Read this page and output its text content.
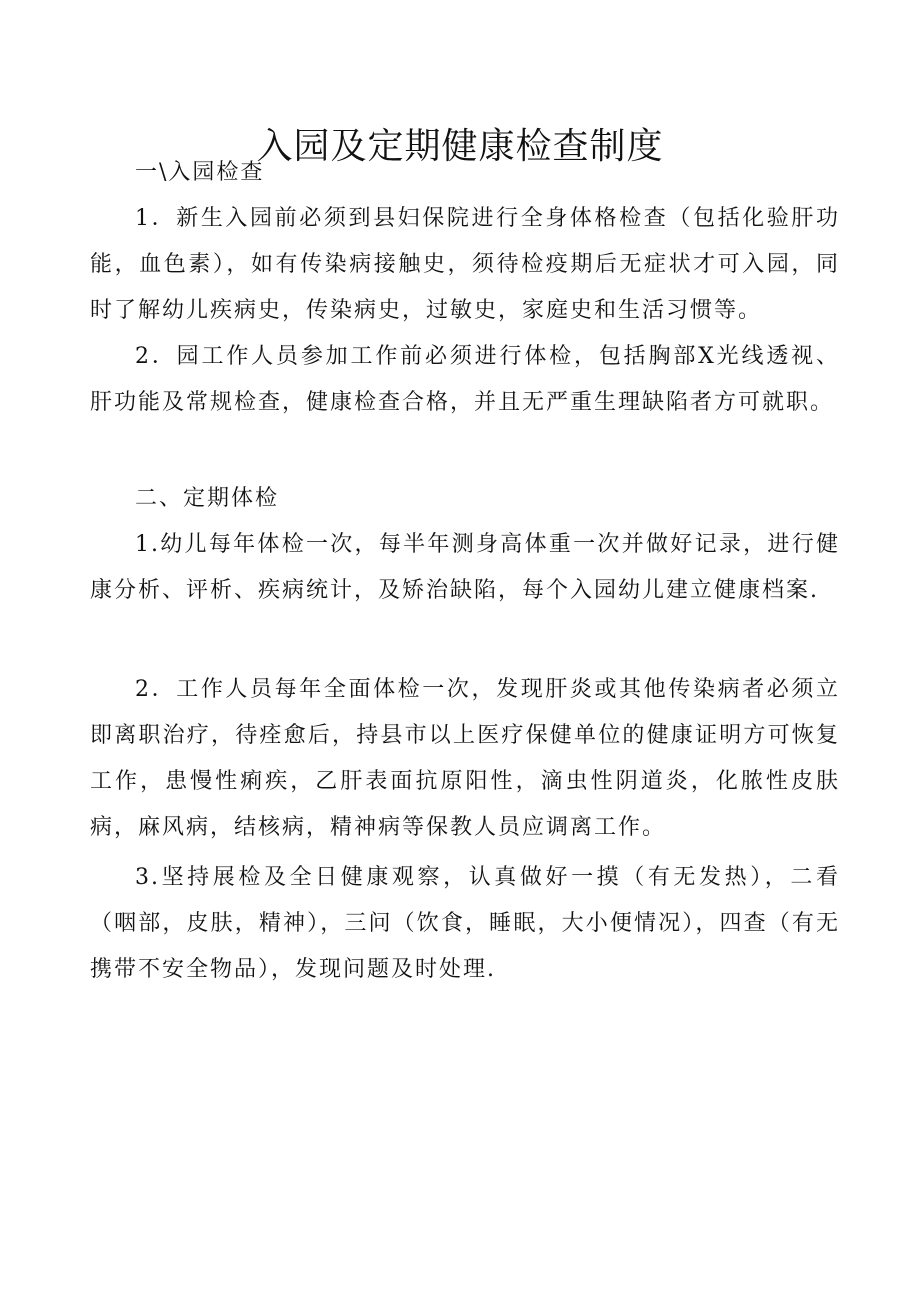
入园及定期健康检查制度
一\入园检查

1．新生入园前必须到县妇保院进行全身体格检查（包括化验肝功能，血色素），如有传染病接触史，须待检疫期后无症状才可入园，同时了解幼儿疾病史，传染病史，过敏史，家庭史和生活习惯等。

2．园工作人员参加工作前必须进行体检，包括胸部X光线透视、肝功能及常规检查，健康检查合格，并且无严重生理缺陷者方可就职。

二、定期体检

1.幼儿每年体检一次，每半年测身高体重一次并做好记录，进行健康分析、评析、疾病统计，及矫治缺陷，每个入园幼儿建立健康档案.

2．工作人员每年全面体检一次，发现肝炎或其他传染病者必须立即离职治疗，待痊愈后，持县市以上医疗保健单位的健康证明方可恢复工作，患慢性痢疾，乙肝表面抗原阳性，滴虫性阴道炎，化脓性皮肤病，麻风病，结核病，精神病等保教人员应调离工作。

3.坚持展检及全日健康观察，认真做好一摸（有无发热），二看（咽部，皮肤，精神），三问（饮食，睡眠，大小便情况），四查（有无携带不安全物品），发现问题及时处理.
